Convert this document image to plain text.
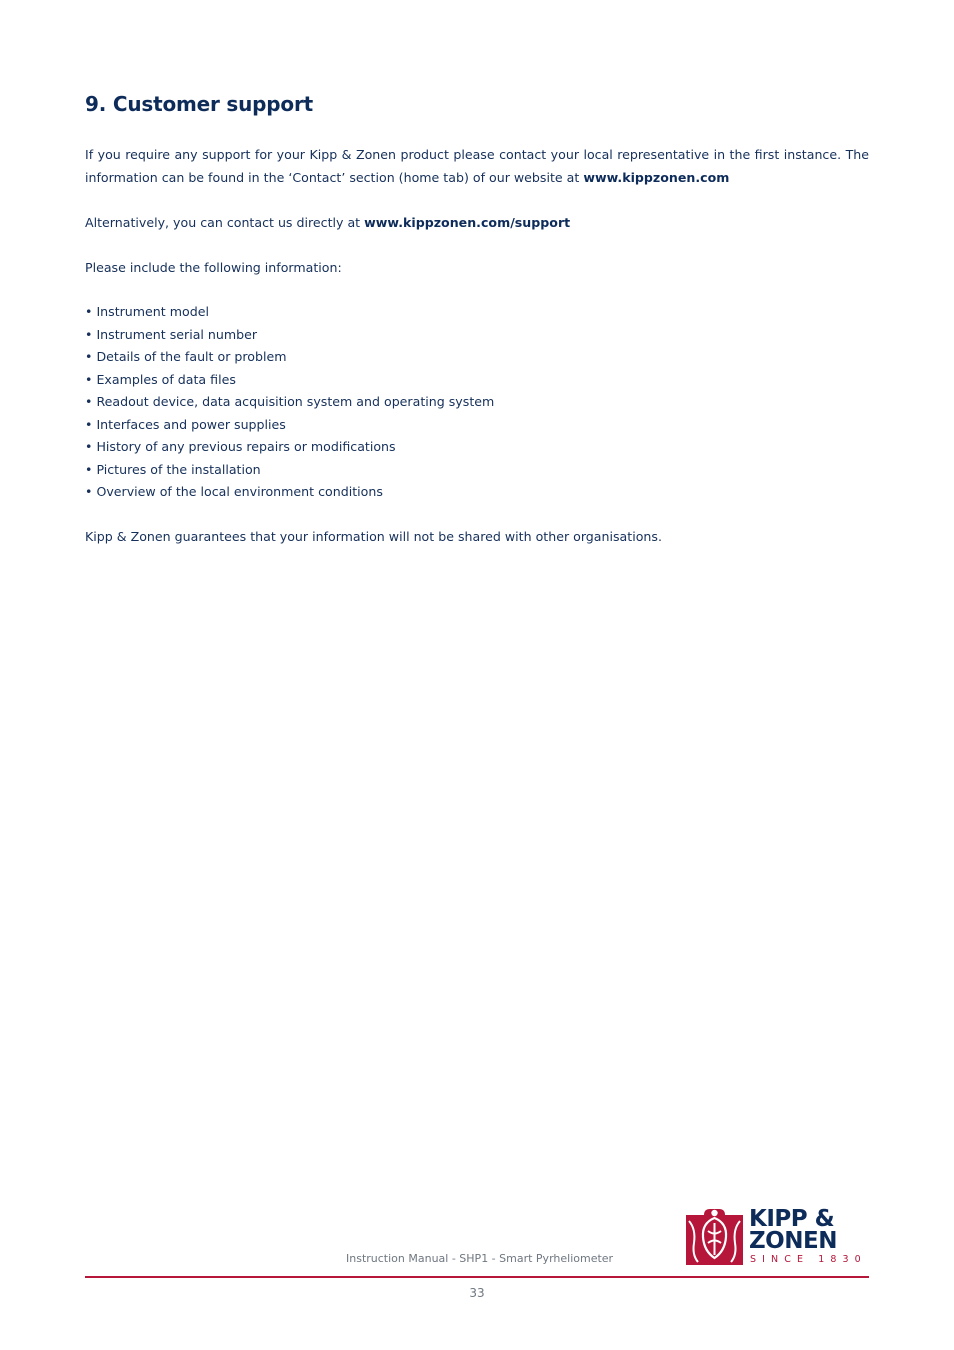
9. Customer support

If you require any support for your Kipp & Zonen product please contact your local representative in the first instance. The information can be found in the ‘Contact’ section (home tab) of our website at www.kippzonen.com

Alternatively, you can contact us directly at www.kippzonen.com/support

Please include the following information:

• Instrument model
• Instrument serial number
• Details of the fault or problem
• Examples of data files
• Readout device, data acquisition system and operating system
• Interfaces and power supplies
• History of any previous repairs or modifications
• Pictures of the installation
• Overview of the local environment conditions

Kipp & Zonen guarantees that your information will not be shared with other organisations.

Instruction Manual - SHP1 - Smart Pyrheliometer
KIPP &
ZONEN
SINCE 1830
33
